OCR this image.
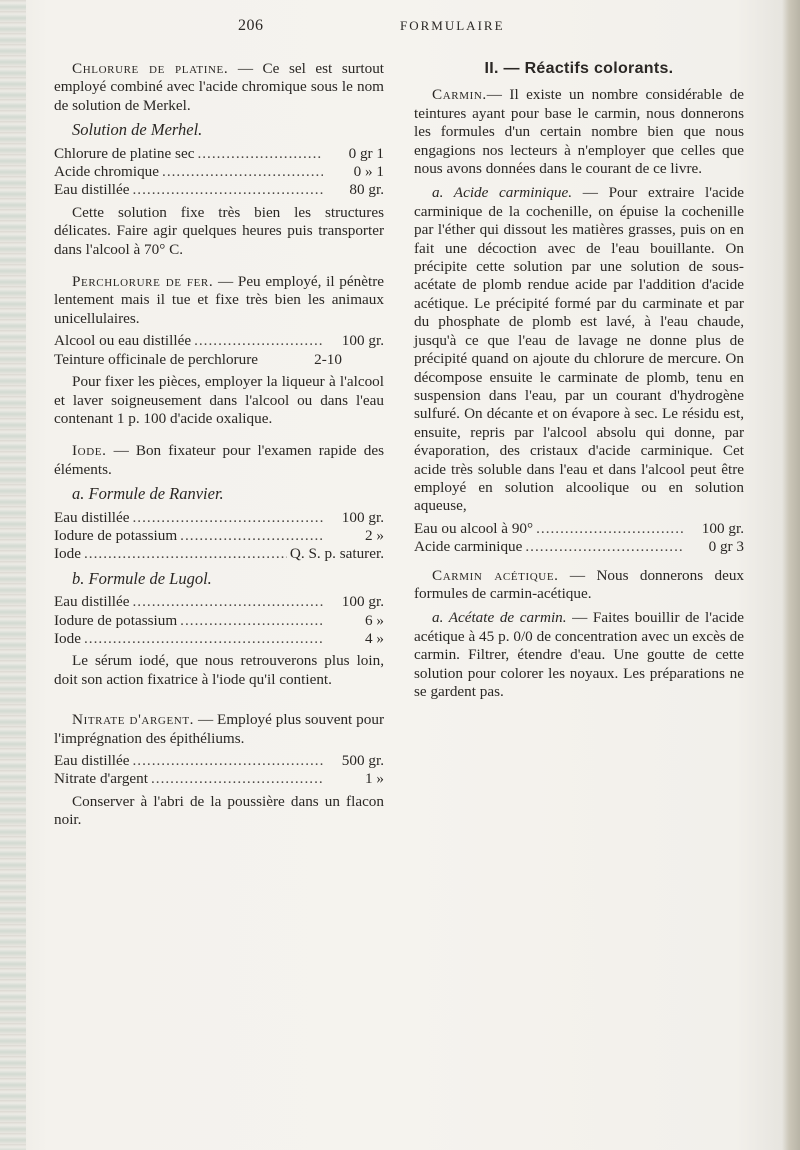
206	FORMULAIRE

Chlorure de platine. — Ce sel est surtout employé combiné avec l'acide chromique sous le nom de solution de Merkel.

Solution de Merhel.

Chlorure de platine sec .....	0 gr 1
Acide chromique .....	0 » 1
Eau distillée .....	80 gr.

Cette solution fixe très bien les structures délicates. Faire agir quelques heures puis transporter dans l'alcool à 70° C.

Perchlorure de fer. — Peu employé, il pénètre lentement mais il tue et fixe très bien les animaux unicellulaires.

Alcool ou eau distillée .....	100 gr.
Teinture officinale de perchlorure	2-10

Pour fixer les pièces, employer la liqueur à l'alcool et laver soigneusement dans l'alcool ou dans l'eau contenant 1 p. 100 d'acide oxalique.

Iode. — Bon fixateur pour l'examen rapide des éléments.

a. Formule de Ranvier.

Eau distillée .....	100 gr.
Iodure de potassium .....	2 »
Iode .....	Q. S. p. saturer.

b. Formule de Lugol.

Eau distillée .....	100 gr.
Iodure de potassium .....	6 »
Iode .....	4 »

Le sérum iodé, que nous retrouverons plus loin, doit son action fixatrice à l'iode qu'il contient.

Nitrate d'argent. — Employé plus souvent pour l'imprégnation des épithéliums.

Eau distillée .....	500 gr.
Nitrate d'argent .....	1 »

Conserver à l'abri de la poussière dans un flacon noir.

II. — Réactifs colorants.

Carmin.— Il existe un nombre considérable de teintures ayant pour base le carmin, nous donnerons les formules d'un certain nombre bien que nous engagions nos lecteurs à n'employer que celles que nous avons données dans le courant de ce livre.

a. Acide carminique. — Pour extraire l'acide carminique de la cochenille, on épuise la cochenille par l'éther qui dissout les matières grasses, puis on en fait une décoction avec de l'eau bouillante. On précipite cette solution par une solution de sous-acétate de plomb rendue acide par l'addition d'acide acétique. Le précipité formé par du carminate et par du phosphate de plomb est lavé, à l'eau chaude, jusqu'à ce que l'eau de lavage ne donne plus de précipité quand on ajoute du chlorure de mercure. On décompose ensuite le carminate de plomb, tenu en suspension dans l'eau, par un courant d'hydrogène sulfuré. On décante et on évapore à sec. Le résidu est, ensuite, repris par l'alcool absolu qui donne, par évaporation, des cristaux d'acide carminique. Cet acide très soluble dans l'eau et dans l'alcool peut être employé en solution alcoolique ou en solution aqueuse,

Eau ou alcool à 90° .....	100 gr.
Acide carminique .....	0 gr 3

Carmin acétique. — Nous donnerons deux formules de carmin-acétique.

a. Acétate de carmin. — Faites bouillir de l'acide acétique à 45 p. 0/0 de concentration avec un excès de carmin. Filtrer, étendre d'eau. Une goutte de cette solution pour colorer les noyaux. Les préparations ne se gardent pas.
